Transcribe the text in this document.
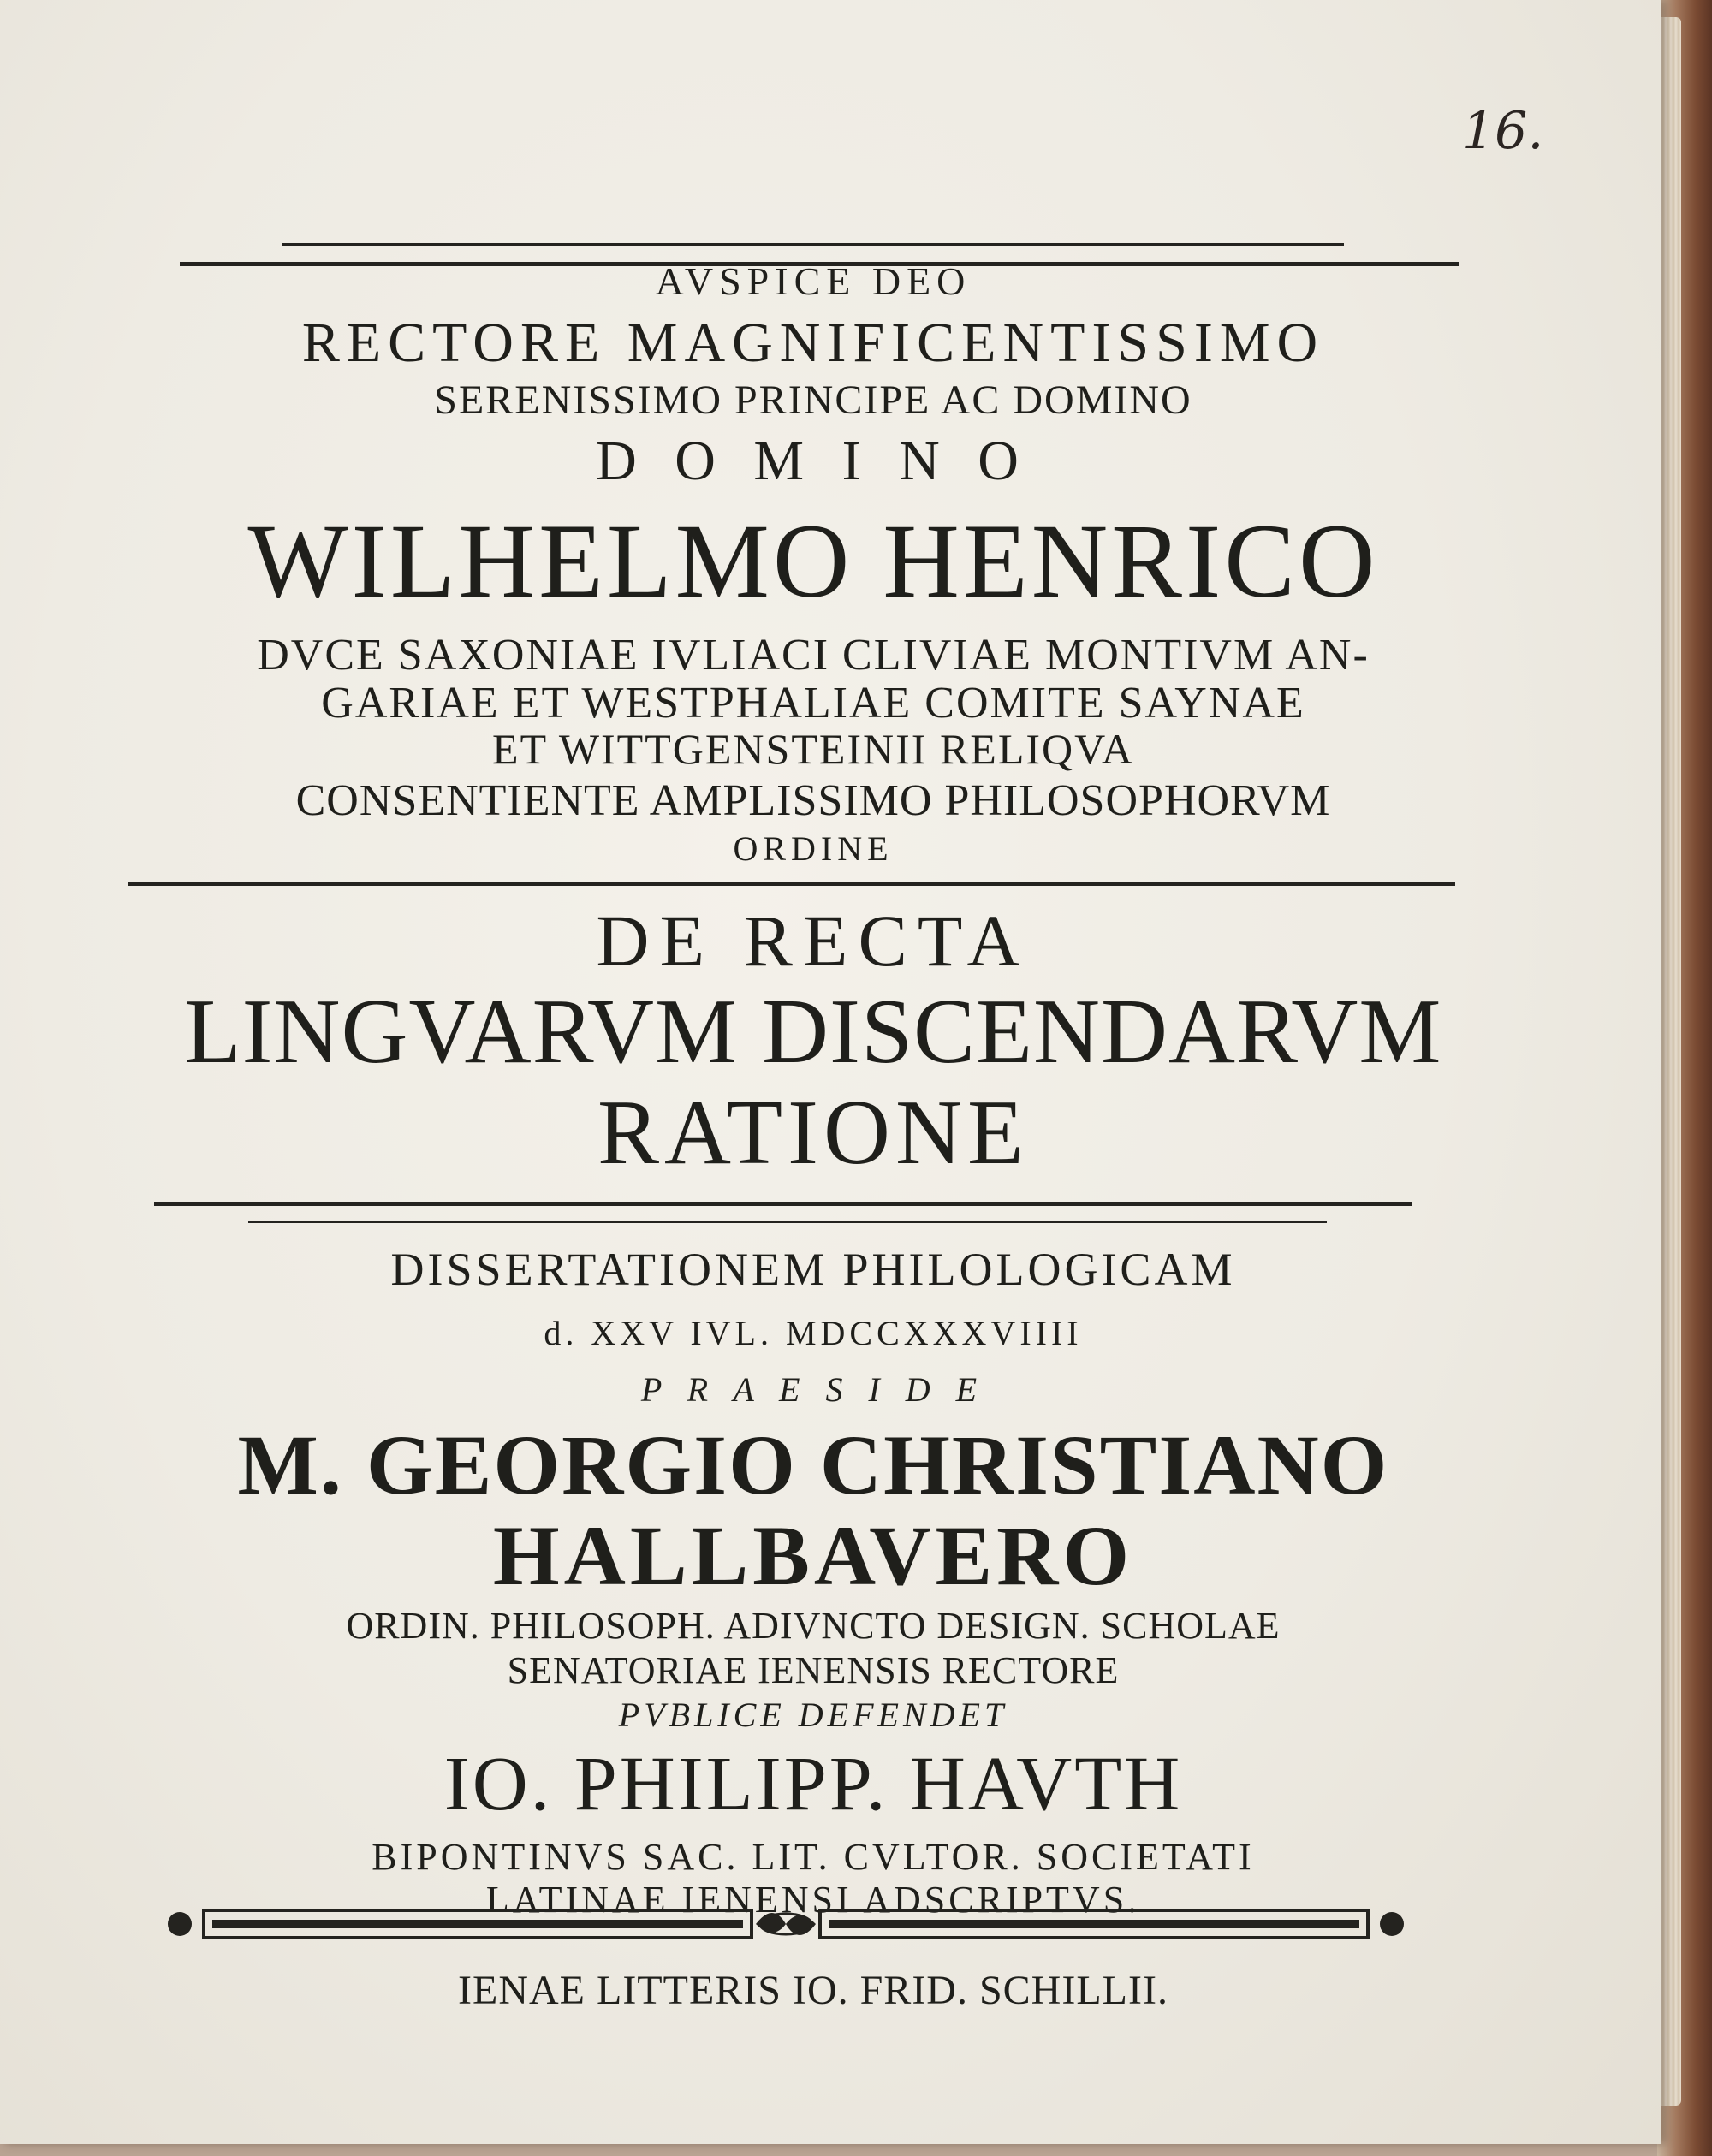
16.
AVSPICE DEO
RECTORE MAGNIFICENTISSIMO
SERENISSIMO PRINCIPE AC DOMINO
D O M I N O
WILHELMO HENRICO
DVCE SAXONIAE IVLIACI CLIVIAE MONTIVM AN-
GARIAE ET WESTPHALIAE COMITE SAYNAE
ET WITTGENSTEINII RELIQVA
CONSENTIENTE AMPLISSIMO PHILOSOPHORVM
ORDINE
DE RECTA
LINGVARVM DISCENDARVM
RATIONE
DISSERTATIONEM PHILOLOGICAM
d. XXV IVL. MDCCXXXVIIII
P R A E S I D E
M. GEORGIO CHRISTIANO
HALLBAVERO
ORDIN. PHILOSOPH. ADIVNCTO DESIGN. SCHOLAE
SENATORIAE IENENSIS RECTORE
PVBLICE DEFENDET
IO. PHILIPP. HAVTH
BIPONTINVS SAC. LIT. CVLTOR. SOCIETATI
LATINAE IENENSI ADSCRIPTVS.
IENAE LITTERIS IO. FRID. SCHILLII.
